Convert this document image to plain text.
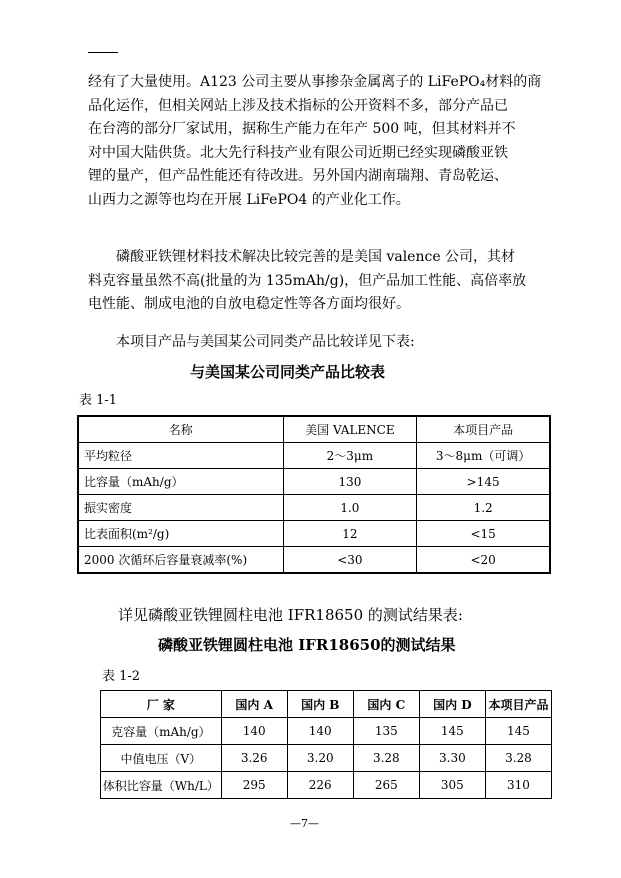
经有了大量使用。A123 公司主要从事掺杂金属离子的 LiFePO₄材料的商
品化运作，但相关网站上涉及技术指标的公开资料不多，部分产品已
在台湾的部分厂家试用，据称生产能力在年产 500 吨，但其材料并不
对中国大陆供货。北大先行科技产业有限公司近期已经实现磷酸亚铁
锂的量产，但产品性能还有待改进。另外国内湖南瑞翔、青岛乾运、
山西力之源等也均在开展 LiFePO4 的产业化工作。
磷酸亚铁锂材料技术解决比较完善的是美国 valence 公司，其材
料克容量虽然不高(批量的为 135mAh/g)，但产品加工性能、高倍率放
电性能、制成电池的自放电稳定性等各方面均很好。
本项目产品与美国某公司同类产品比较详见下表:
与美国某公司同类产品比较表
表 1-1
名称	美国 VALENCE	本项目产品
平均粒径	2～3μm	3～8μm（可调）
比容量（mAh/g）	130	>145
振实密度	1.0	1.2
比表面积(m²/g)	12	<15
2000 次循环后容量衰减率(%)	<30	<20
详见磷酸亚铁锂圆柱电池 IFR18650 的测试结果表:
磷酸亚铁锂圆柱电池 IFR18650的测试结果
表 1-2
厂 家	国内 A	国内 B	国内 C	国内 D	本项目产品
克容量（mAh/g）	140	140	135	145	145
中值电压（V）	3.26	3.20	3.28	3.30	3.28
体积比容量（Wh/L）	295	226	265	305	310
—7—
